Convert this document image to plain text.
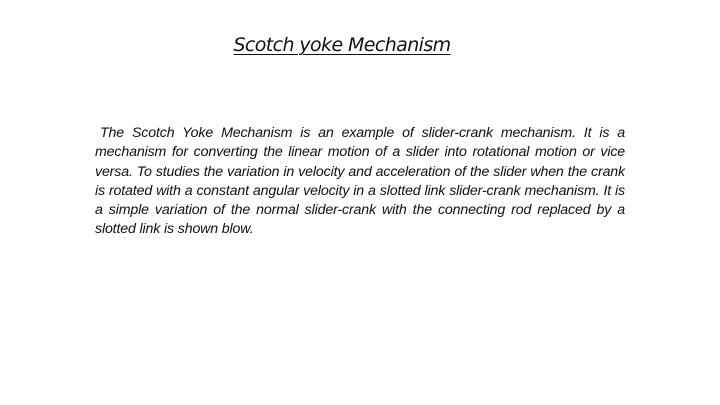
Scotch yoke Mechanism

The Scotch Yoke Mechanism is an example of slider-crank mechanism. It is a mechanism for converting the linear motion of a slider into rotational motion or vice versa. To studies the variation in velocity and acceleration of the slider when the crank is rotated with a constant angular velocity in a slotted link slider-crank mechanism. It is a simple variation of the normal slider-crank with the connecting rod replaced by a slotted link is shown blow.
